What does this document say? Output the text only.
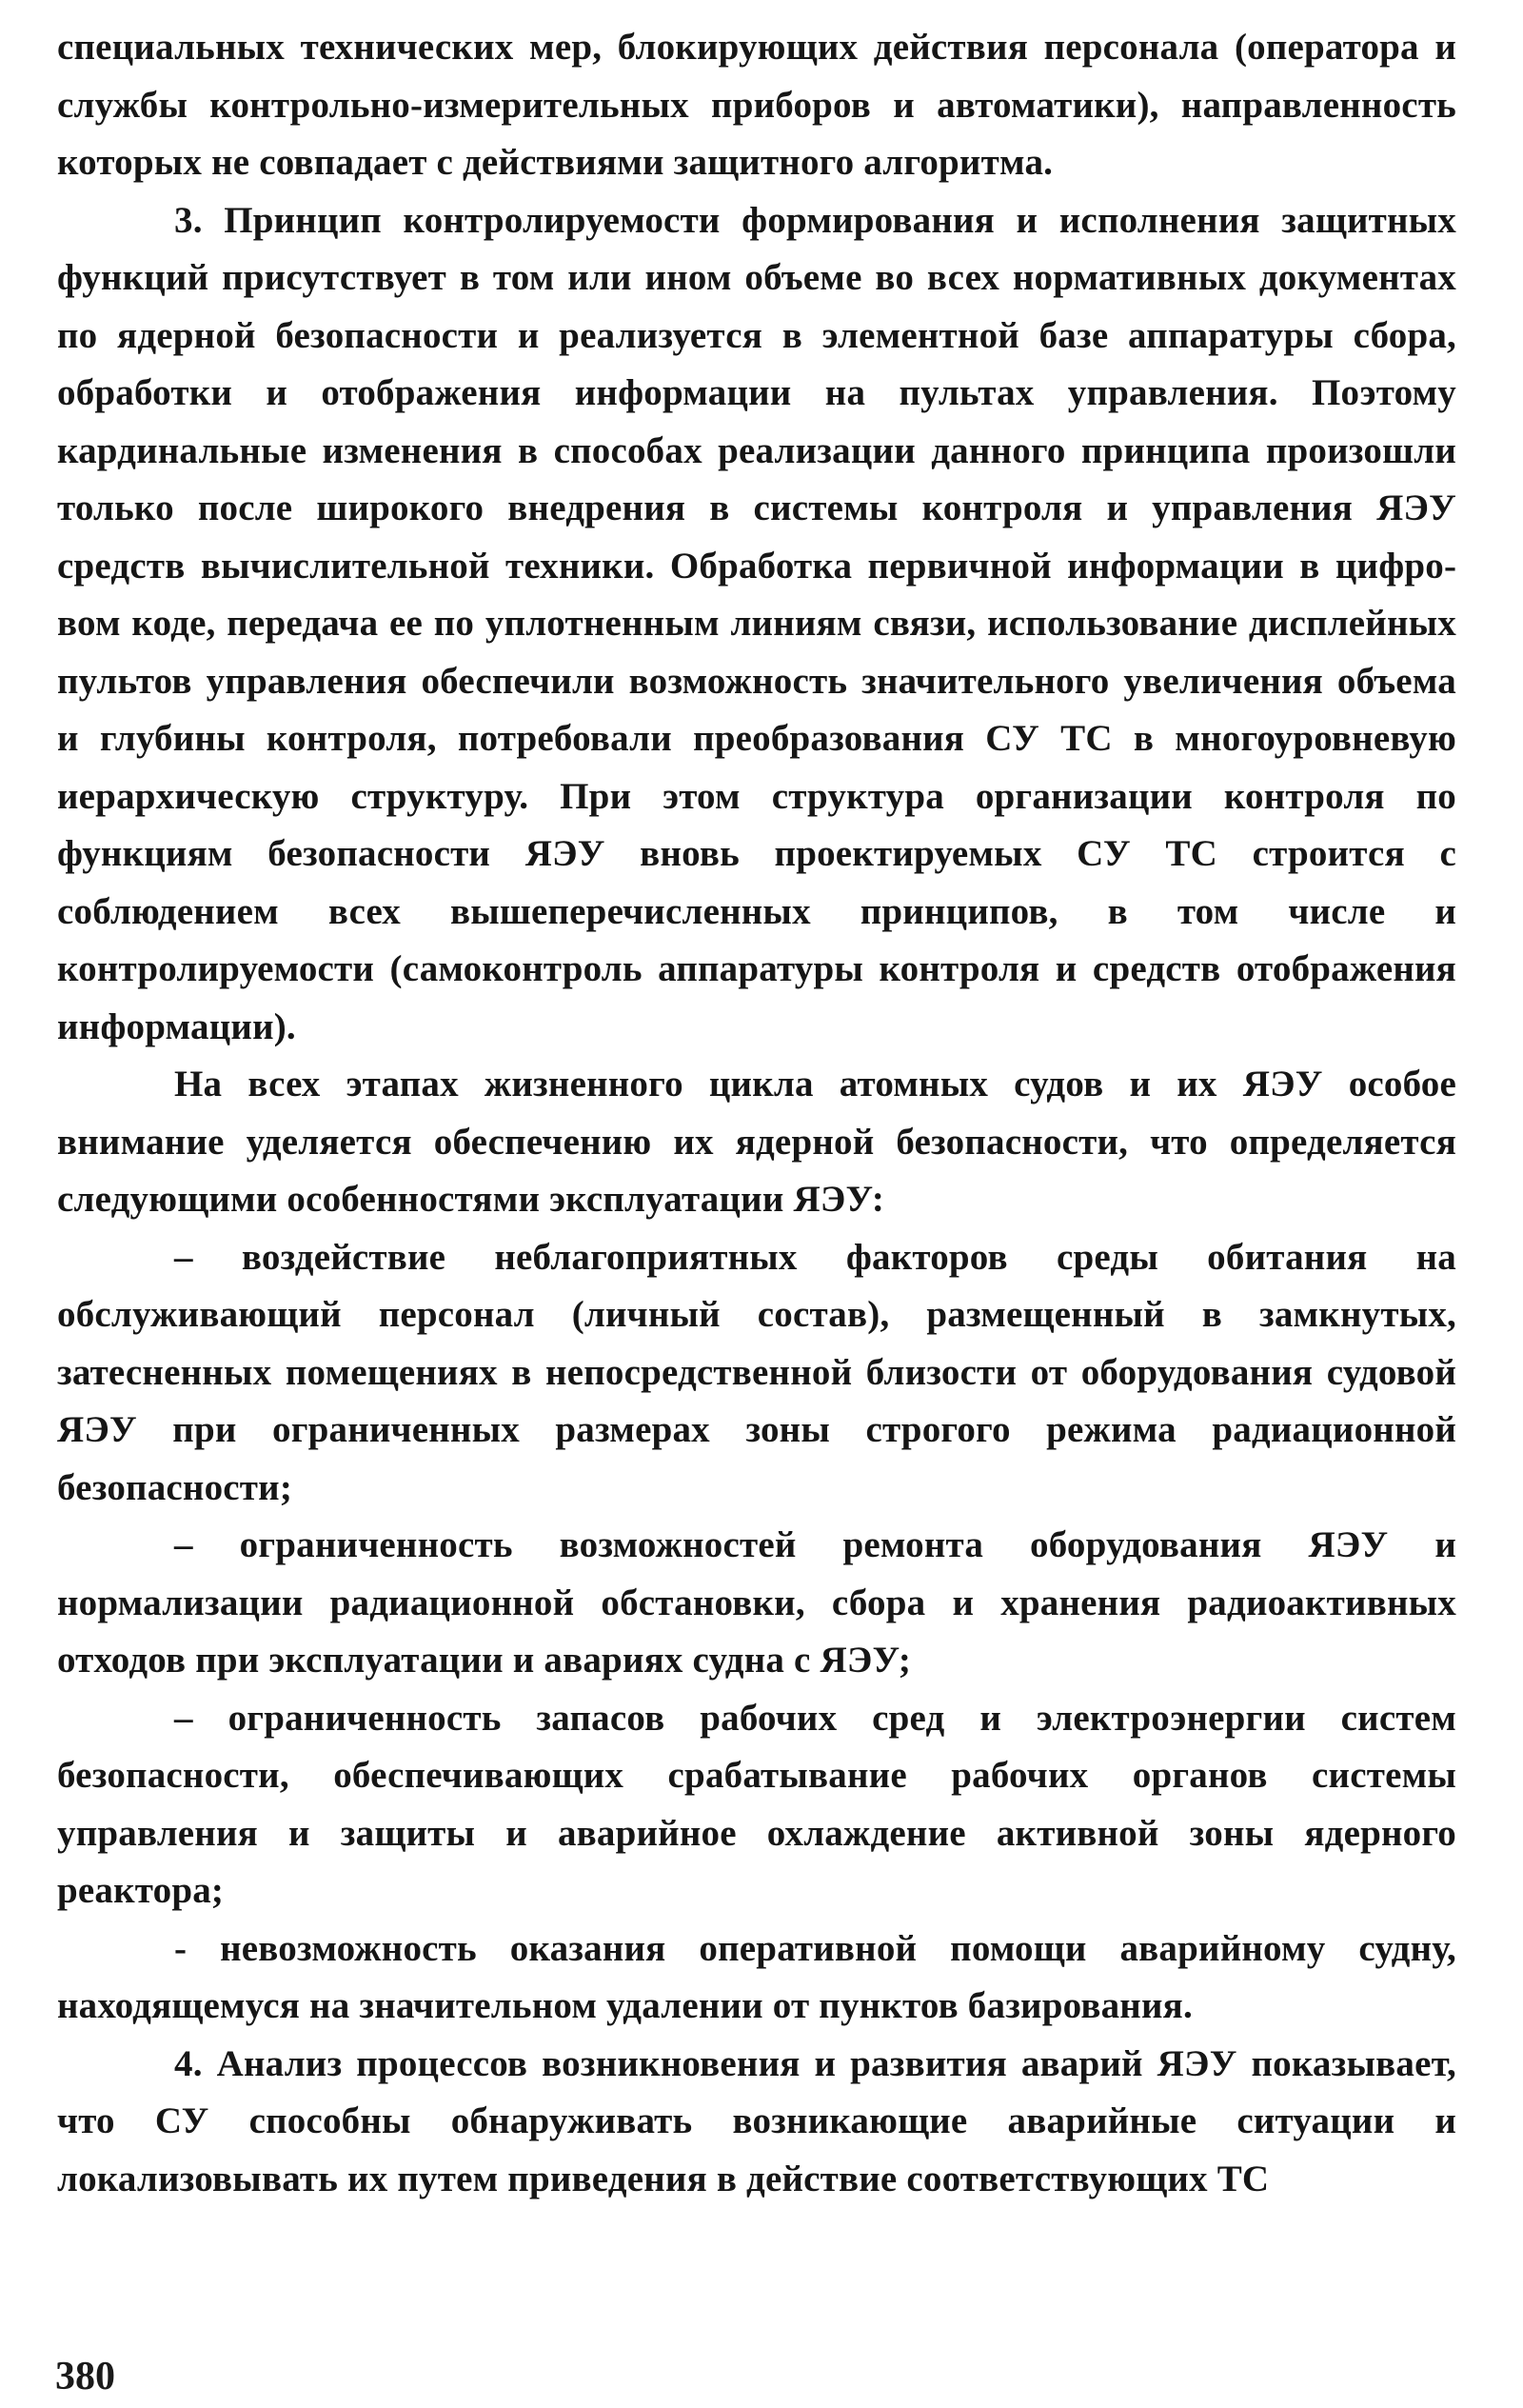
специальных технических мер, блокирующих действия персонала (оператора и службы контрольно-измерительных приборов и автоматики), направленность которых не совпадает с действиями защитного алгоритма.

3. Принцип контролируемости формирования и исполнения защитных функций присутствует в том или ином объеме во всех нормативных документах по ядерной безопасности и реализуется в элементной базе аппаратуры сбора, обработки и отображения информации на пультах управления. Поэтому кардинальные изменения в способах реализации данного принципа произошли только после широкого внедрения в системы контроля и управления ЯЭУ средств вычислительной техники. Обработка первичной информации в цифровом коде, передача ее по уплотненным линиям связи, использование дисплейных пультов управления обеспечили возможность значительного увеличения объема и глубины контроля, потребовали преобразования СУ ТС в многоуровневую иерархическую структуру. При этом структура организации контроля по функциям безопасности ЯЭУ вновь проектируемых СУ ТС строится с соблюдением всех вышеперечисленных принципов, в том числе и контролируемости (самоконтроль аппаратуры контроля и средств отображения информации).

На всех этапах жизненного цикла атомных судов и их ЯЭУ особое внимание уделяется обеспечению их ядерной безопасности, что определяется следующими особенностями эксплуатации ЯЭУ:

– воздействие неблагоприятных факторов среды обитания на обслуживающий персонал (личный состав), размещенный в замкнутых, затесненных помещениях в непосредственной близости от оборудования судовой ЯЭУ при ограниченных размерах зоны строгого режима радиационной безопасности;

– ограниченность возможностей ремонта оборудования ЯЭУ и нормализации радиационной обстановки, сбора и хранения радиоактивных отходов при эксплуатации и авариях судна с ЯЭУ;

– ограниченность запасов рабочих сред и электроэнергии систем безопасности, обеспечивающих срабатывание рабочих органов системы управления и защиты и аварийное охлаждение активной зоны ядерного реактора;

- невозможность оказания оперативной помощи аварийному судну, находящемуся на значительном удалении от пунктов базирования.

4. Анализ процессов возникновения и развития аварий ЯЭУ показывает, что СУ способны обнаруживать возникающие аварийные ситуации и локализовывать их путем приведения в действие соответствующих ТС

380
